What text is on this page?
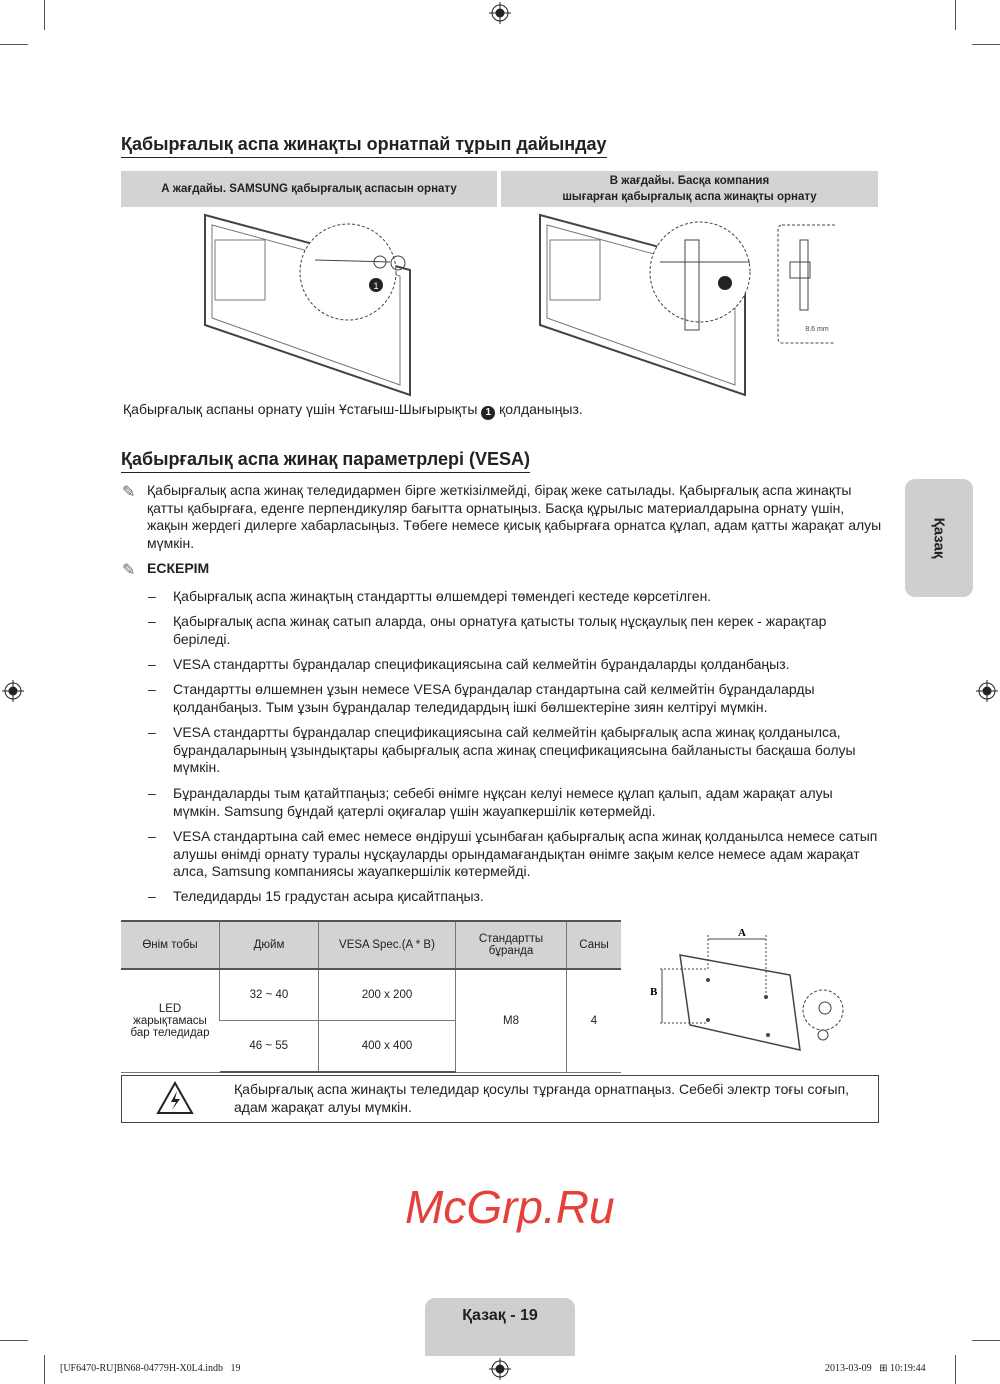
Қабырғалық аспа жинақты орнатпай тұрып дайындау
А жағдайы. SAMSUNG қабырғалық аспасын орнату
В жағдайы. Басқа компания
шығарған қабырғалық аспа жинақты орнату
1
8.6 mm
Қабырғалық аспаны орнату үшін Ұстағыш-Шығырықты 1 қолданыңыз.
Қабырғалық аспа жинақ параметрлері (VESA)
✎ Қабырғалық аспа жинақ теледидармен бірге жеткізілмейді, бірақ жеке сатылады. Қабырғалық аспа жинақты қатты қабырғаға, еденге перпендикуляр бағытта орнатыңыз. Басқа құрылыс материалдарына орнату үшін, жақын жердегі дилерге хабарласыңыз. Төбеге немесе қисық қабырғаға орнатса құлап, адам қатты жарақат алуы мүмкін.
✎ ЕСКЕРІМ
– Қабырғалық аспа жинақтың стандартты өлшемдері төмендегі кестеде көрсетілген.
– Қабырғалық аспа жинақ сатып аларда, оны орнатуға қатысты толық нұсқаулық пен керек - жарақтар беріледі.
– VESA стандартты бұрандалар спецификациясына сай келмейтін бұрандаларды қолданбаңыз.
– Стандартты өлшемнен ұзын немесе VESA бұрандалар стандартына сай келмейтін бұрандаларды қолданбаңыз. Тым ұзын бұрандалар теледидардың ішкі бөлшектеріне зиян келтіруі мүмкін.
– VESA стандартты бұрандалар спецификациясына сай келмейтін қабырғалық аспа жинақ қолданылса, бұрандаларының ұзындықтары қабырғалық аспа жинақ спецификациясына байланысты басқаша болуы мүмкін.
– Бұрандаларды тым қатайтпаңыз; себебі өнімге нұқсан келуі немесе құлап қалып, адам жарақат алуы мүмкін. Samsung бұндай қатерлі оқиғалар үшін жауапкершілік көтермейді.
– VESA стандартына сай емес немесе өндіруші ұсынбаған қабырғалық аспа жинақ қолданылса немесе сатып алушы өнімді орнату туралы нұсқауларды орындамағандықтан өнімге зақым келсе немесе адам жарақат алса, Samsung компаниясы жауапкершілік көтермейді.
– Теледидарды 15 градустан асыра қисайтпаңыз.
Өнім тобы	Дюйм	VESA Spec.(A * B)	Стандартты бұранда	Саны
LED жарықтамасы бар теледидар	32 ~ 40	200 x 200	M8	4
	46 ~ 55	400 x 400		
A
B
Қабырғалық аспа жинақты теледидар қосулы тұрғанда орнатпаңыз. Себебі электр тоғы соғып, адам жарақат алуы мүмкін.
McGrp.Ru
Қазақ
Қазақ - 19
[UF6470-RU]BN68-04779H-X0L4.indb   19	2013-03-09   ⊞ 10:19:44
